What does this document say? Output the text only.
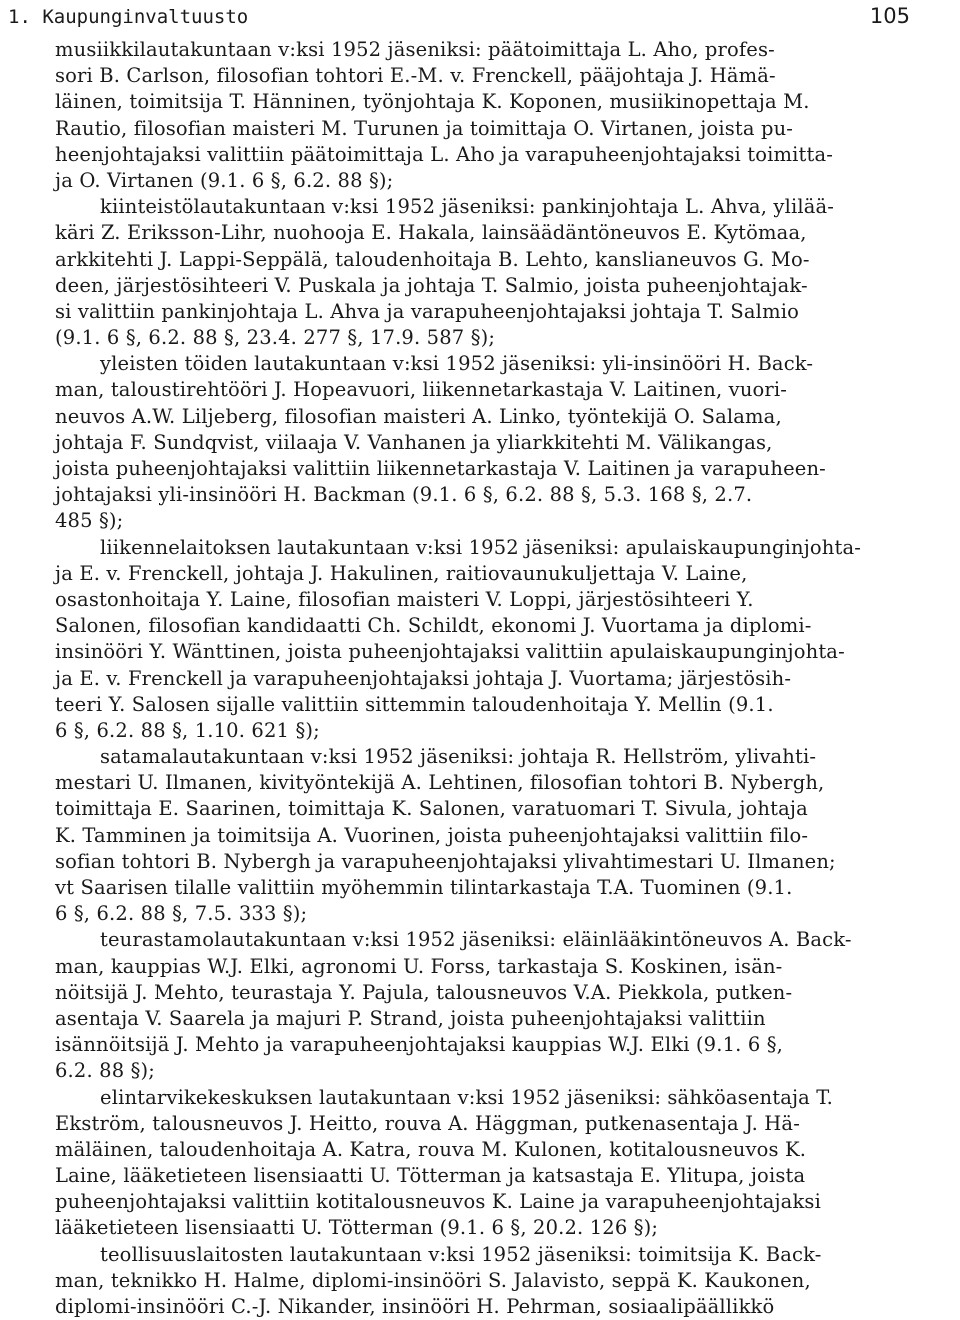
1. Kaupunginvaltuusto	105
musiikkilautakuntaan v:ksi 1952 jäseniksi: päätoimittaja L. Aho, profes-
sori B. Carlson, filosofian tohtori E.-M. v. Frenckell, pääjohtaja J. Hämä-
läinen, toimitsija T. Hänninen, työnjohtaja K. Koponen, musiikinopettaja M.
Rautio, filosofian maisteri M. Turunen ja toimittaja O. Virtanen, joista pu-
heenjohtajaksi valittiin päätoimittaja L. Aho ja varapuheenjohtajaksi toimitta-
ja O. Virtanen (9.1. 6 §, 6.2. 88 §);
kiinteistölautakuntaan v:ksi 1952 jäseniksi: pankinjohtaja L. Ahva, ylilää-
käri Z. Eriksson-Lihr, nuohooja E. Hakala, lainsäädäntöneuvos E. Kytömaa,
arkkitehti J. Lappi-Seppälä, taloudenhoitaja B. Lehto, kanslianeuvos G. Mo-
deen, järjestösihteeri V. Puskala ja johtaja T. Salmio, joista puheenjohtajak-
si valittiin pankinjohtaja L. Ahva ja varapuheenjohtajaksi johtaja T. Salmio
(9.1. 6 §, 6.2. 88 §, 23.4. 277 §, 17.9. 587 §);
yleisten töiden lautakuntaan v:ksi 1952 jäseniksi: yli-insinööri H. Back-
man, taloustirehtööri J. Hopeavuori, liikennetarkastaja V. Laitinen, vuori-
neuvos A.W. Liljeberg, filosofian maisteri A. Linko, työntekijä O. Salama,
johtaja F. Sundqvist, viilaaja V. Vanhanen ja yliarkkitehti M. Välikangas,
joista puheenjohtajaksi valittiin liikennetarkastaja V. Laitinen ja varapuheen-
johtajaksi yli-insinööri H. Backman (9.1. 6 §, 6.2. 88 §, 5.3. 168 §, 2.7.
485 §);
liikennelaitoksen lautakuntaan v:ksi 1952 jäseniksi: apulaiskaupunginjohta-
ja E. v. Frenckell, johtaja J. Hakulinen, raitiovaunukuljettaja V. Laine,
osastonhoitaja Y. Laine, filosofian maisteri V. Loppi, järjestösihteeri Y.
Salonen, filosofian kandidaatti Ch. Schildt, ekonomi J. Vuortama ja diplomi-
insinööri Y. Wänttinen, joista puheenjohtajaksi valittiin apulaiskaupunginjohta-
ja E. v. Frenckell ja varapuheenjohtajaksi johtaja J. Vuortama; järjestösih-
teeri Y. Salosen sijalle valittiin sittemmin taloudenhoitaja Y. Mellin (9.1.
6 §, 6.2. 88 §, 1.10. 621 §);
satamalautakuntaan v:ksi 1952 jäseniksi: johtaja R. Hellström, ylivahti-
mestari U. Ilmanen, kivityöntekijä A. Lehtinen, filosofian tohtori B. Nybergh,
toimittaja E. Saarinen, toimittaja K. Salonen, varatuomari T. Sivula, johtaja
K. Tamminen ja toimitsija A. Vuorinen, joista puheenjohtajaksi valittiin filo-
sofian tohtori B. Nybergh ja varapuheenjohtajaksi ylivahtimestari U. Ilmanen;
vt Saarisen tilalle valittiin myöhemmin tilintarkastaja T.A. Tuominen (9.1.
6 §, 6.2. 88 §, 7.5. 333 §);
teurastamolautakuntaan v:ksi 1952 jäseniksi: eläinlääkintöneuvos A. Back-
man, kauppias W.J. Elki, agronomi U. Forss, tarkastaja S. Koskinen, isän-
nöitsijä J. Mehto, teurastaja Y. Pajula, talousneuvos V.A. Piekkola, putken-
asentaja V. Saarela ja majuri P. Strand, joista puheenjohtajaksi valittiin
isännöitsijä J. Mehto ja varapuheenjohtajaksi kauppias W.J. Elki (9.1. 6 §,
6.2. 88 §);
elintarvikekeskuksen lautakuntaan v:ksi 1952 jäseniksi: sähköasentaja T.
Ekström, talousneuvos J. Heitto, rouva A. Häggman, putkenasentaja J. Hä-
mäläinen, taloudenhoitaja A. Katra, rouva M. Kulonen, kotitalousneuvos K.
Laine, lääketieteen lisensiaatti U. Tötterman ja katsastaja E. Ylitupa, joista
puheenjohtajaksi valittiin kotitalousneuvos K. Laine ja varapuheenjohtajaksi
lääketieteen lisensiaatti U. Tötterman (9.1. 6 §, 20.2. 126 §);
teollisuuslaitosten lautakuntaan v:ksi 1952 jäseniksi: toimitsija K. Back-
man, teknikko H. Halme, diplomi-insinööri S. Jalavisto, seppä K. Kaukonen,
diplomi-insinööri C.-J. Nikander, insinööri H. Pehrman, sosiaalipäällikkö
